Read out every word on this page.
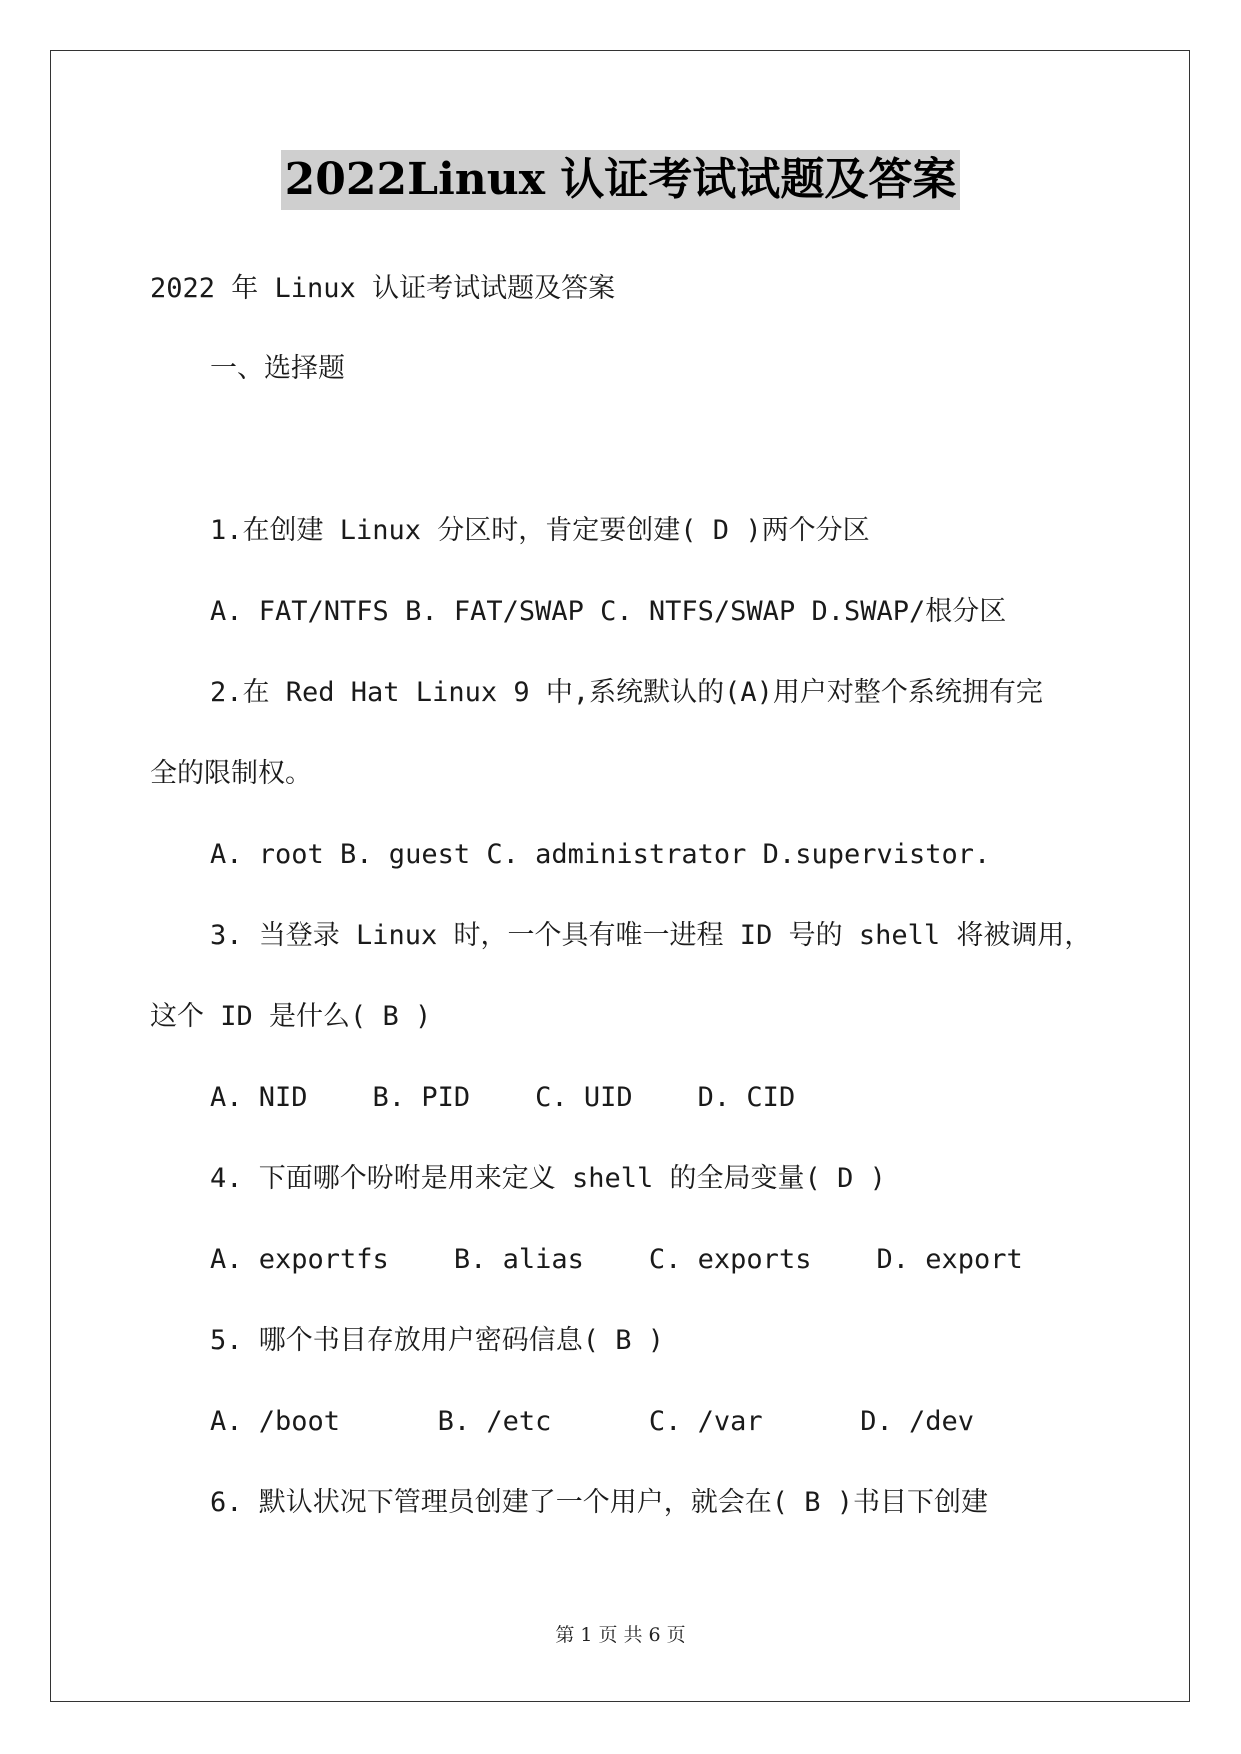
2022Linux 认证考试试题及答案
2022 年 Linux 认证考试试题及答案
一、选择题
1.在创建 Linux 分区时，肯定要创建( D )两个分区
A. FAT/NTFS B. FAT/SWAP C. NTFS/SWAP D.SWAP/根分区
2.在 Red Hat Linux 9 中,系统默认的(A)用户对整个系统拥有完
全的限制权。
A. root B. guest C. administrator D.supervistor.
3. 当登录 Linux 时，一个具有唯一进程 ID 号的 shell 将被调用，
这个 ID 是什么( B )
A. NID    B. PID    C. UID    D. CID
4. 下面哪个吩咐是用来定义 shell 的全局变量( D )
A. exportfs    B. alias    C. exports    D. export
5. 哪个书目存放用户密码信息( B )
A. /boot      B. /etc      C. /var      D. /dev
6. 默认状况下管理员创建了一个用户，就会在( B )书目下创建
第 1 页 共 6 页
